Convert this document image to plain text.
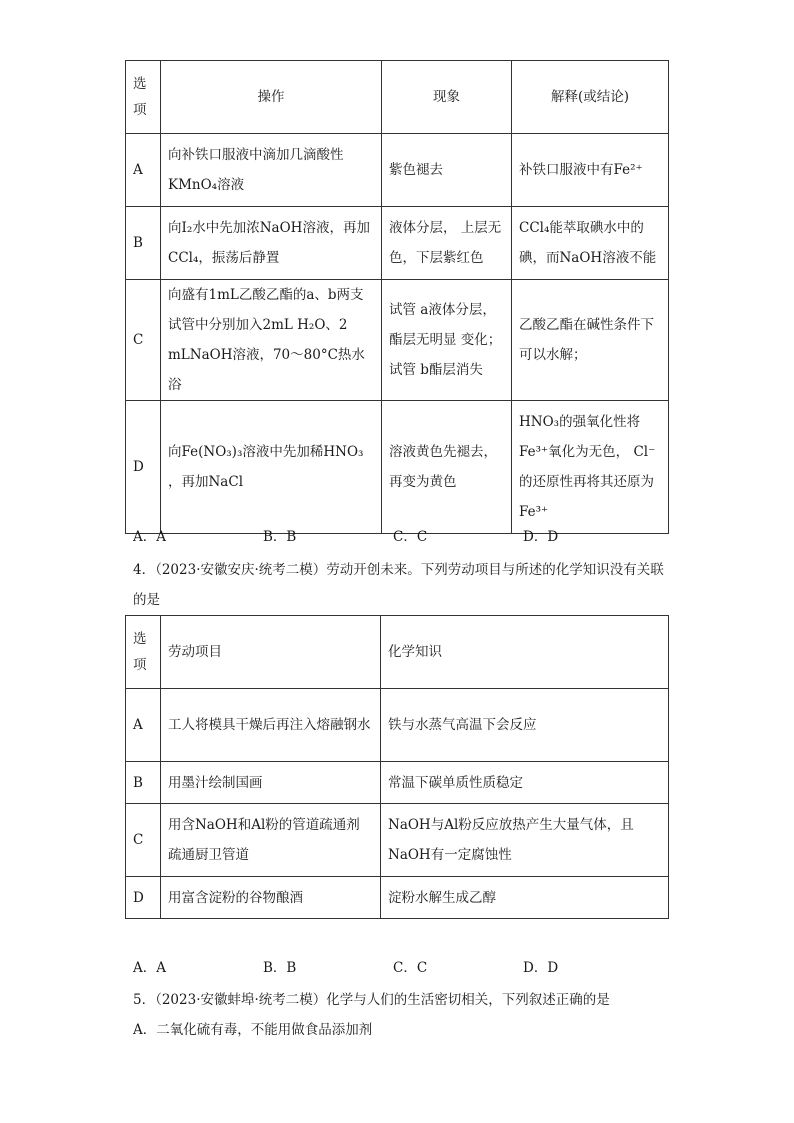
选项	操作	现象	解释(或结论)
A	向补铁口服液中滴加几滴酸性KMnO₄溶液	紫色褪去	补铁口服液中有Fe²⁺
B	向I₂水中先加浓NaOH溶液，再加CCl₄，振荡后静置	液体分层， 上层无色，下层紫红色	CCl₄能萃取碘水中的碘，而NaOH溶液不能
C	向盛有1mL乙酸乙酯的a、b两支试管中分别加入2mL H₂O、2 mLNaOH溶液，70～80°C热水浴	试管 a液体分层，酯层无明显 变化；试管 b酯层消失	乙酸乙酯在碱性条件下可以水解；
D	向Fe(NO₃)₃溶液中先加稀HNO₃ ，再加NaCl	溶液黄色先褪去，再变为黄色	HNO₃的强氧化性将Fe³⁺氧化为无色， Cl⁻的还原性再将其还原为Fe³⁺
A．A	B．B	C．C	D．D
4．（2023·安徽安庆·统考二模）劳动开创未来。下列劳动项目与所述的化学知识没有关联的是
选项	劳动项目	化学知识
A	工人将模具干燥后再注入熔融钢水	铁与水蒸气高温下会反应
B	用墨汁绘制国画	常温下碳单质性质稳定
C	用含NaOH和Al粉的管道疏通剂疏通厨卫管道	NaOH与Al粉反应放热产生大量气体，且NaOH有一定腐蚀性
D	用富含淀粉的谷物酿酒	淀粉水解生成乙醇
A．A	B．B	C．C	D．D
5．（2023·安徽蚌埠·统考二模）化学与人们的生活密切相关，下列叙述正确的是
A．二氧化硫有毒，不能用做食品添加剂
